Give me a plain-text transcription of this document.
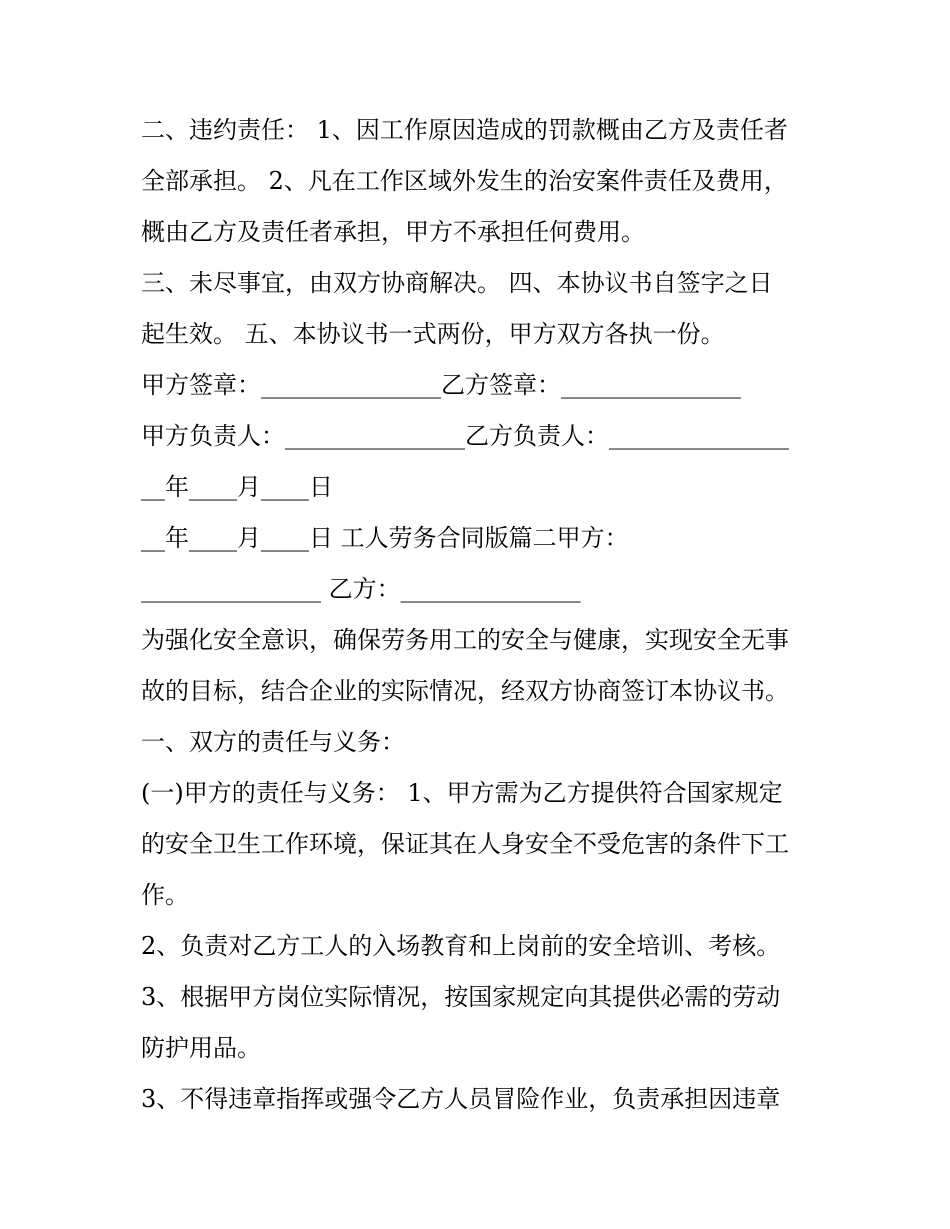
二、违约责任： 1、因工作原因造成的罚款概由乙方及责任者
全部承担。 2、凡在工作区域外发生的治安案件责任及费用，
概由乙方及责任者承担，甲方不承担任何费用。
三、未尽事宜，由双方协商解决。 四、本协议书自签字之日
起生效。 五、本协议书一式两份，甲方双方各执一份。
甲方签章：_______________乙方签章：_______________
甲方负责人：_______________乙方负责人：_______________
__年____月____日
__年____月____日 工人劳务合同版篇二甲方：
_______________ 乙方：_______________
为强化安全意识，确保劳务用工的安全与健康，实现安全无事
故的目标，结合企业的实际情况，经双方协商签订本协议书。
一、双方的责任与义务：
(一)甲方的责任与义务： 1、甲方需为乙方提供符合国家规定
的安全卫生工作环境，保证其在人身安全不受危害的条件下工
作。
2、负责对乙方工人的入场教育和上岗前的安全培训、考核。
3、根据甲方岗位实际情况，按国家规定向其提供必需的劳动
防护用品。
3、不得违章指挥或强令乙方人员冒险作业，负责承担因违章
